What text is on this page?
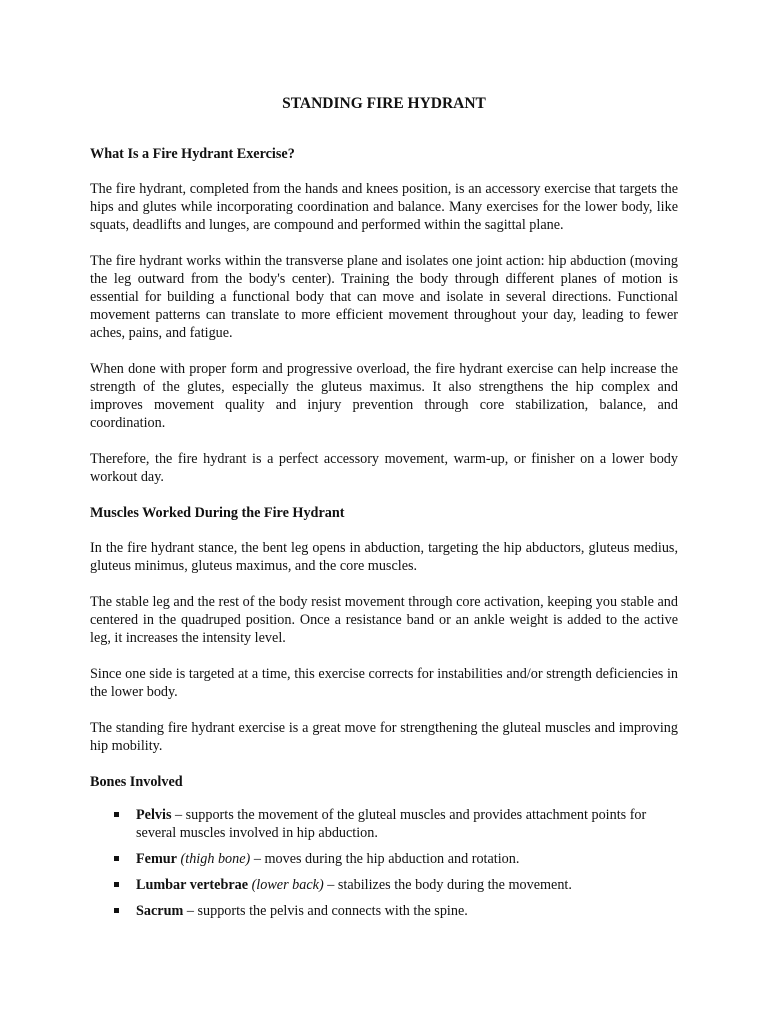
STANDING FIRE HYDRANT
What Is a Fire Hydrant Exercise?

The fire hydrant, completed from the hands and knees position, is an accessory exercise that targets the hips and glutes while incorporating coordination and balance. Many exercises for the lower body, like squats, deadlifts and lunges, are compound and performed within the sagittal plane.

The fire hydrant works within the transverse plane and isolates one joint action: hip abduction (moving the leg outward from the body's center). Training the body through different planes of motion is essential for building a functional body that can move and isolate in several directions. Functional movement patterns can translate to more efficient movement throughout your day, leading to fewer aches, pains, and fatigue.

When done with proper form and progressive overload, the fire hydrant exercise can help increase the strength of the glutes, especially the gluteus maximus. It also strengthens the hip complex and improves movement quality and injury prevention through core stabilization, balance, and coordination.

Therefore, the fire hydrant is a perfect accessory movement, warm-up, or finisher on a lower body workout day.

Muscles Worked During the Fire Hydrant

In the fire hydrant stance, the bent leg opens in abduction, targeting the hip abductors, gluteus medius, gluteus minimus, gluteus maximus, and the core muscles.

The stable leg and the rest of the body resist movement through core activation, keeping you stable and centered in the quadruped position. Once a resistance band or an ankle weight is added to the active leg, it increases the intensity level.

Since one side is targeted at a time, this exercise corrects for instabilities and/or strength deficiencies in the lower body.

The standing fire hydrant exercise is a great move for strengthening the gluteal muscles and improving hip mobility.

Bones Involved
Pelvis – supports the movement of the gluteal muscles and provides attachment points for several muscles involved in hip abduction.
Femur (thigh bone) – moves during the hip abduction and rotation.
Lumbar vertebrae (lower back) – stabilizes the body during the movement.
Sacrum – supports the pelvis and connects with the spine.
